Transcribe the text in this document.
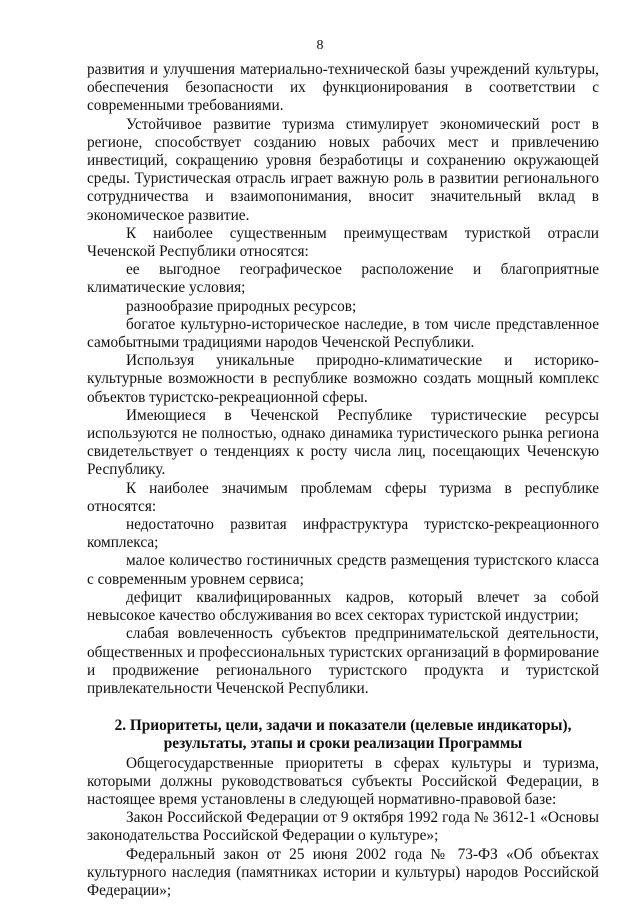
8

развития и улучшения материально-технической базы учреждений культуры, обеспечения безопасности их функционирования в соответствии с современными требованиями.

Устойчивое развитие туризма стимулирует экономический рост в регионе, способствует созданию новых рабочих мест и привлечению инвестиций, сокращению уровня безработицы и сохранению окружающей среды. Туристическая отрасль играет важную роль в развитии регионального сотрудничества и взаимопонимания, вносит значительный вклад в экономическое развитие.

К наиболее существенным преимуществам туристкой отрасли Чеченской Республики относятся:

ее выгодное географическое расположение и благоприятные климатические условия;

разнообразие природных ресурсов;

богатое культурно-историческое наследие, в том числе представленное самобытными традициями народов Чеченской Республики.

Используя уникальные природно-климатические и историко-культурные возможности в республике возможно создать мощный комплекс объектов туристско-рекреационной сферы.

Имеющиеся в Чеченской Республике туристические ресурсы используются не полностью, однако динамика туристического рынка региона свидетельствует о тенденциях к росту числа лиц, посещающих Чеченскую Республику.

К наиболее значимым проблемам сферы туризма в республике относятся:

недостаточно развитая инфраструктура туристско-рекреационного комплекса;

малое количество гостиничных средств размещения туристского класса с современным уровнем сервиса;

дефицит квалифицированных кадров, который влечет за собой невысокое качество обслуживания во всех секторах туристской индустрии;

слабая вовлеченность субъектов предпринимательской деятельности, общественных и профессиональных туристских организаций в формирование и продвижение регионального туристского продукта и туристской привлекательности Чеченской Республики.

2. Приоритеты, цели, задачи и показатели (целевые индикаторы),
результаты, этапы и сроки реализации Программы

Общегосударственные приоритеты в сферах культуры и туризма, которыми должны руководствоваться субъекты Российской Федерации, в настоящее время установлены в следующей нормативно-правовой базе:

Закон Российской Федерации от 9 октября 1992 года № 3612-1 «Основы законодательства Российской Федерации о культуре»;

Федеральный закон от 25 июня 2002 года № 73-ФЗ «Об объектах культурного наследия (памятниках истории и культуры) народов Российской Федерации»;
